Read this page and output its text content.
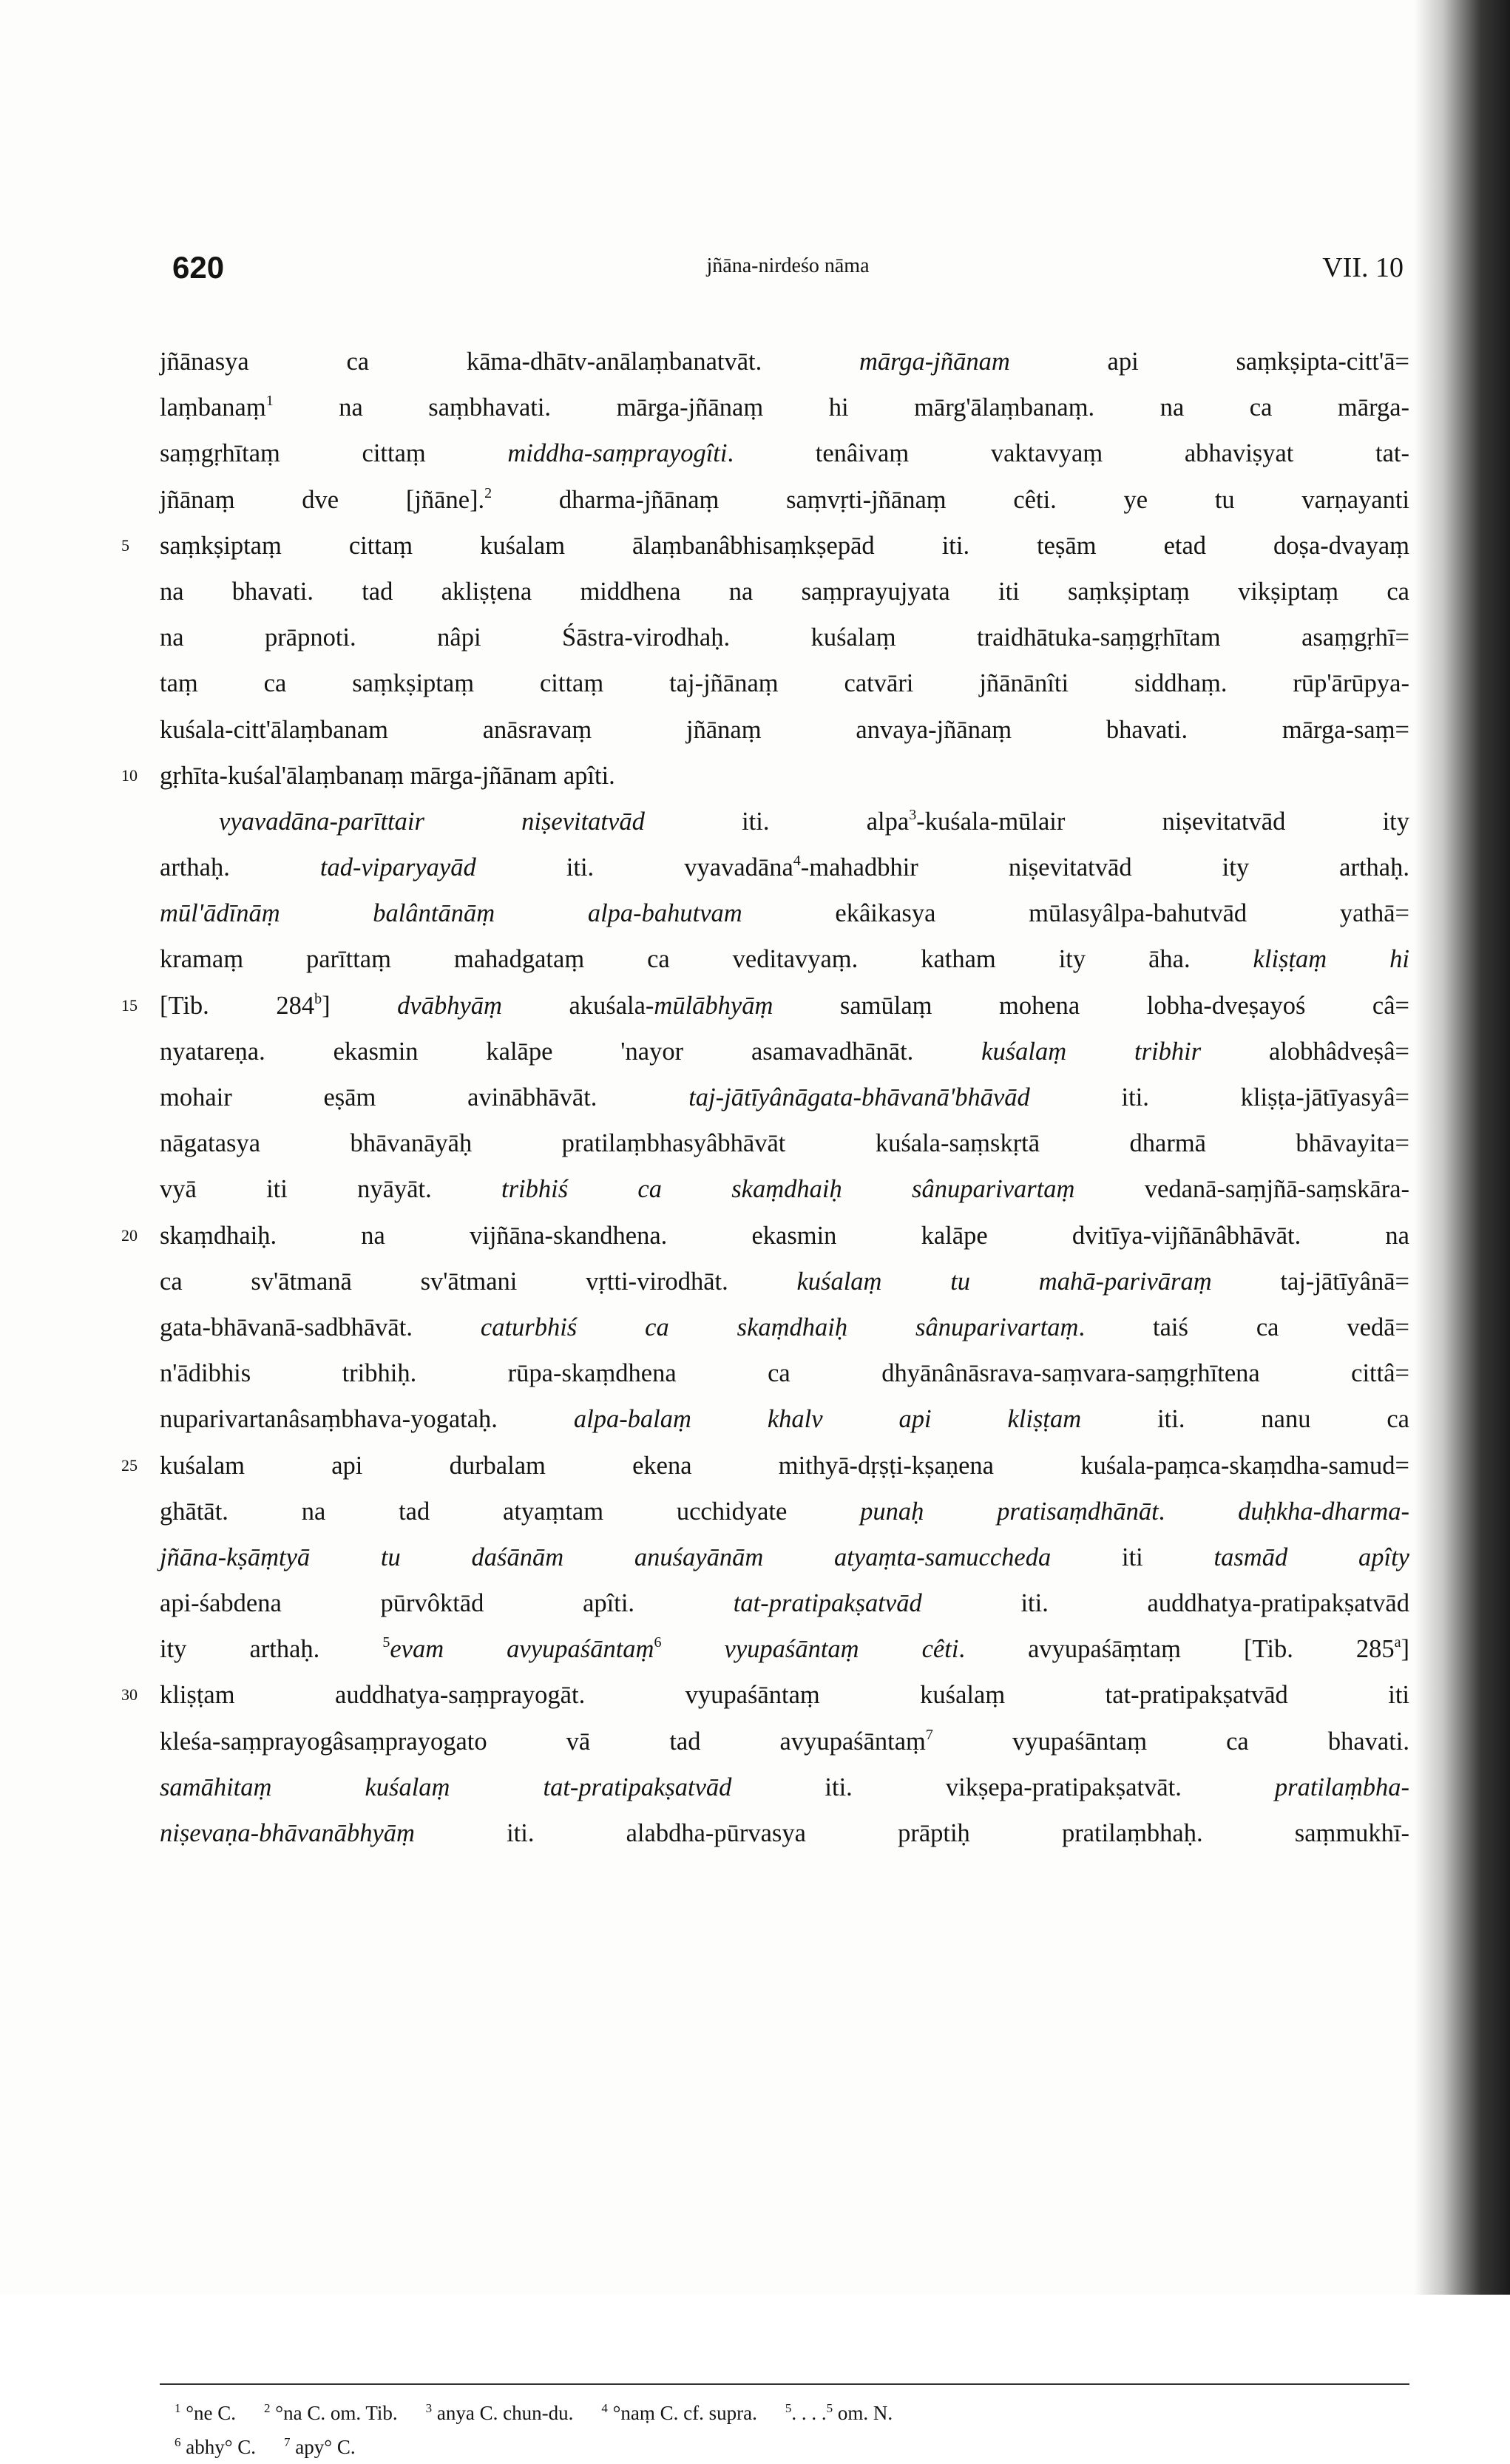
620	jñāna-nirdeśo nāma	VII. 10
jñānasya ca kāma-dhātv-anālaṃbanatvāt. mārga-jñānam api saṃkṣipta-citt'ā=
laṃbanaṃ$^1$ na saṃbhavati. mārga-jñānaṃ hi mārg'ālaṃbanaṃ. na ca mārga-
saṃgṛhītaṃ cittaṃ middha-saṃprayogîti. tenâivaṃ vaktavyaṃ abhaviṣyat tat-
jñānaṃ dve [jñāne].$^2$ dharma-jñānaṃ saṃvṛti-jñānaṃ cêti. ye tu varṇayanti
5	saṃkṣiptaṃ cittaṃ kuśalam ālaṃbanâbhisaṃkṣepād iti. teṣām etad doṣa-dvayaṃ
na bhavati. tad akliṣṭena middhena na saṃprayujyata iti saṃkṣiptaṃ vikṣiptaṃ ca
na prāpnoti. nâpi Śāstra-virodhaḥ. kuśalaṃ traidhātuka-saṃgṛhītam asaṃgṛhī=
taṃ ca saṃkṣiptaṃ cittaṃ taj-jñānaṃ catvāri jñānānîti siddhaṃ. rūp'ārūpya-
kuśala-citt'ālaṃbanam anāsravaṃ jñānaṃ anvaya-jñānaṃ bhavati. mārga-saṃ=
10 gṛhīta-kuśal'ālaṃbanaṃ mārga-jñānam apîti.
vyavadāna-parīttair niṣevitatvād iti. alpa$^3$-kuśala-mūlair niṣevitatvād ity
arthaḥ. tad-viparyayād iti. vyavadāna$^4$-mahadbhir niṣevitatvād ity arthaḥ.
mūl'ādīnāṃ balântānāṃ alpa-bahutvam ekâikasya mūlasyâlpa-bahutvād yathā=
kramaṃ parīttaṃ mahadgataṃ ca veditavyaṃ. katham ity āha. kliṣṭaṃ hi
15 [Tib. 284$^b$] dvābhyāṃ akuśala-mūlābhyāṃ samūlaṃ mohena lobha-dveṣayoś câ=
nyatareṇa. ekasmin kalāpe 'nayor asamavadhānāt. kuśalaṃ tribhir alobhâdveṣâ=
mohair eṣām avinābhāvāt. taj-jātīyânāgata-bhāvanā'bhāvād iti. kliṣṭa-jātīyasyâ=
nāgatasya bhāvanāyāḥ pratilaṃbhasyâbhāvāt kuśala-saṃskṛtā dharmā bhāvayita=
vyā iti nyāyāt. tribhiś ca skaṃdhaiḥ sânuparivartaṃ vedanā-saṃjñā-saṃskāra-
20 skaṃdhaiḥ. na vijñāna-skandhena. ekasmin kalāpe dvitīya-vijñānâbhāvāt. na
ca sv'ātmanā sv'ātmani vṛtti-virodhāt. kuśalaṃ tu mahā-parivāraṃ taj-jātīyânā=
gata-bhāvanā-sadbhāvāt. caturbhiś ca skaṃdhaiḥ sânuparivartaṃ. taiś ca vedā=
n'ādibhis tribhiḥ. rūpa-skaṃdhena ca dhyānânāsrava-saṃvara-saṃgṛhītena cittâ=
nuparivartanâsaṃbhava-yogataḥ. alpa-balaṃ khalv api kliṣṭam iti. nanu ca
25 kuśalam api durbalam ekena mithyā-dṛṣṭi-kṣaṇena kuśala-paṃca-skaṃdha-samud=
ghātāt. na tad atyaṃtam ucchidyate punaḥ pratisaṃdhānāt. duḥkha-dharma-
jñāna-kṣāṃtyā tu daśānām anuśayānām atyaṃta-samuccheda iti tasmād apîty
api-śabdena pūrvôktād apîti. tat-pratipakṣatvād iti. auddhatya-pratipakṣatvād
ity arthaḥ. $^5$evam avyupaśāntaṃ$^6$ vyupaśāntaṃ cêti. avyupaśāṃtaṃ [Tib. 285$^a$]
30 kliṣṭam auddhatya-saṃprayogāt. vyupaśāntaṃ kuśalaṃ tat-pratipakṣatvād iti
kleśa-saṃprayogâsaṃprayogato vā tad avyupaśāntaṃ$^7$ vyupaśāntaṃ ca bhavati.
samāhitaṃ kuśalaṃ tat-pratipakṣatvād iti. vikṣepa-pratipakṣatvāt. pratilaṃbha-
niṣevaṇa-bhāvanābhyāṃ iti. alabdha-pūrvasya prāptiḥ pratilaṃbhaḥ. saṃmukhī-
$^1$ °ne C. $^2$ °na C. om. Tib. $^3$ anya C. chun-du. $^4$ °naṃ C. cf. supra. $^5$. . . .$^5$ om. N.
$^6$ abhy° C. $^7$ apy° C.
